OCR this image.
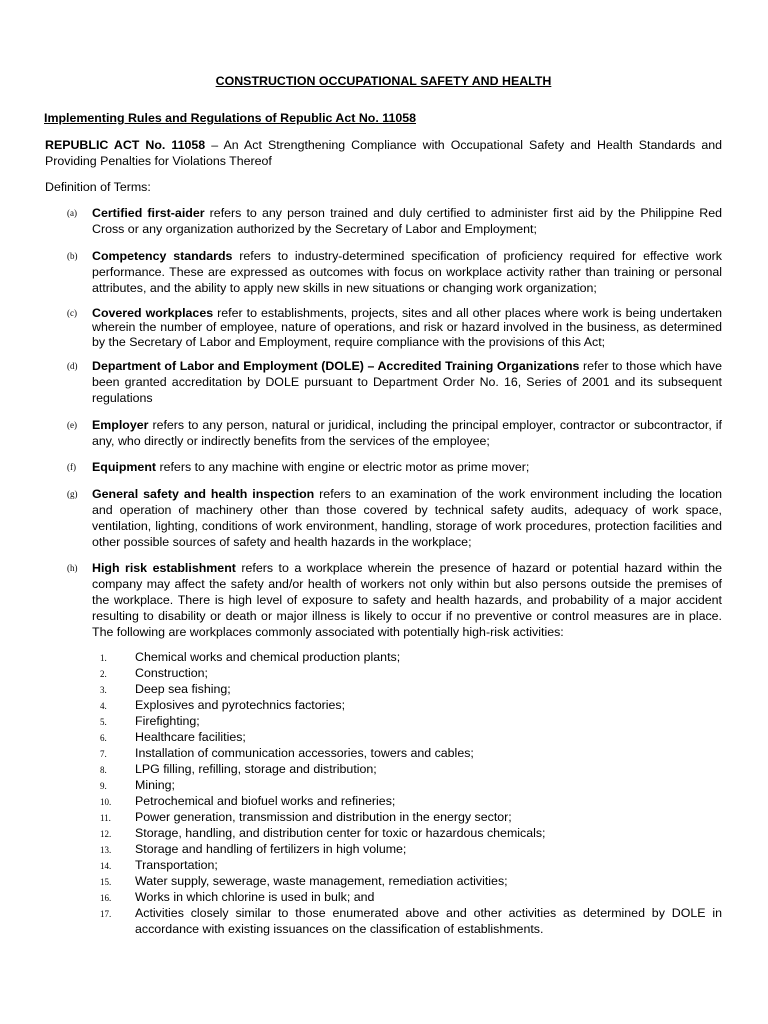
CONSTRUCTION OCCUPATIONAL SAFETY AND HEALTH
Implementing Rules and Regulations of Republic Act No. 11058
REPUBLIC ACT No. 11058 – An Act Strengthening Compliance with Occupational Safety and Health Standards and Providing Penalties for Violations Thereof
Definition of Terms:
(a) Certified first-aider refers to any person trained and duly certified to administer first aid by the Philippine Red Cross or any organization authorized by the Secretary of Labor and Employment;
(b) Competency standards refers to industry-determined specification of proficiency required for effective work performance. These are expressed as outcomes with focus on workplace activity rather than training or personal attributes, and the ability to apply new skills in new situations or changing work organization;
(c) Covered workplaces refer to establishments, projects, sites and all other places where work is being undertaken wherein the number of employee, nature of operations, and risk or hazard involved in the business, as determined by the Secretary of Labor and Employment, require compliance with the provisions of this Act;
(d) Department of Labor and Employment (DOLE) – Accredited Training Organizations refer to those which have been granted accreditation by DOLE pursuant to Department Order No. 16, Series of 2001 and its subsequent regulations
(e) Employer refers to any person, natural or juridical, including the principal employer, contractor or subcontractor, if any, who directly or indirectly benefits from the services of the employee;
(f) Equipment refers to any machine with engine or electric motor as prime mover;
(g) General safety and health inspection refers to an examination of the work environment including the location and operation of machinery other than those covered by technical safety audits, adequacy of work space, ventilation, lighting, conditions of work environment, handling, storage of work procedures, protection facilities and other possible sources of safety and health hazards in the workplace;
(h) High risk establishment refers to a workplace wherein the presence of hazard or potential hazard within the company may affect the safety and/or health of workers not only within but also persons outside the premises of the workplace. There is high level of exposure to safety and health hazards, and probability of a major accident resulting to disability or death or major illness is likely to occur if no preventive or control measures are in place. The following are workplaces commonly associated with potentially high-risk activities:
1.	Chemical works and chemical production plants;
2.	Construction;
3.	Deep sea fishing;
4.	Explosives and pyrotechnics factories;
5.	Firefighting;
6.	Healthcare facilities;
7.	Installation of communication accessories, towers and cables;
8.	LPG filling, refilling, storage and distribution;
9.	Mining;
10.	Petrochemical and biofuel works and refineries;
11.	Power generation, transmission and distribution in the energy sector;
12.	Storage, handling, and distribution center for toxic or hazardous chemicals;
13.	Storage and handling of fertilizers in high volume;
14.	Transportation;
15.	Water supply, sewerage, waste management, remediation activities;
16.	Works in which chlorine is used in bulk; and
17.	Activities closely similar to those enumerated above and other activities as determined by DOLE in accordance with existing issuances on the classification of establishments.
